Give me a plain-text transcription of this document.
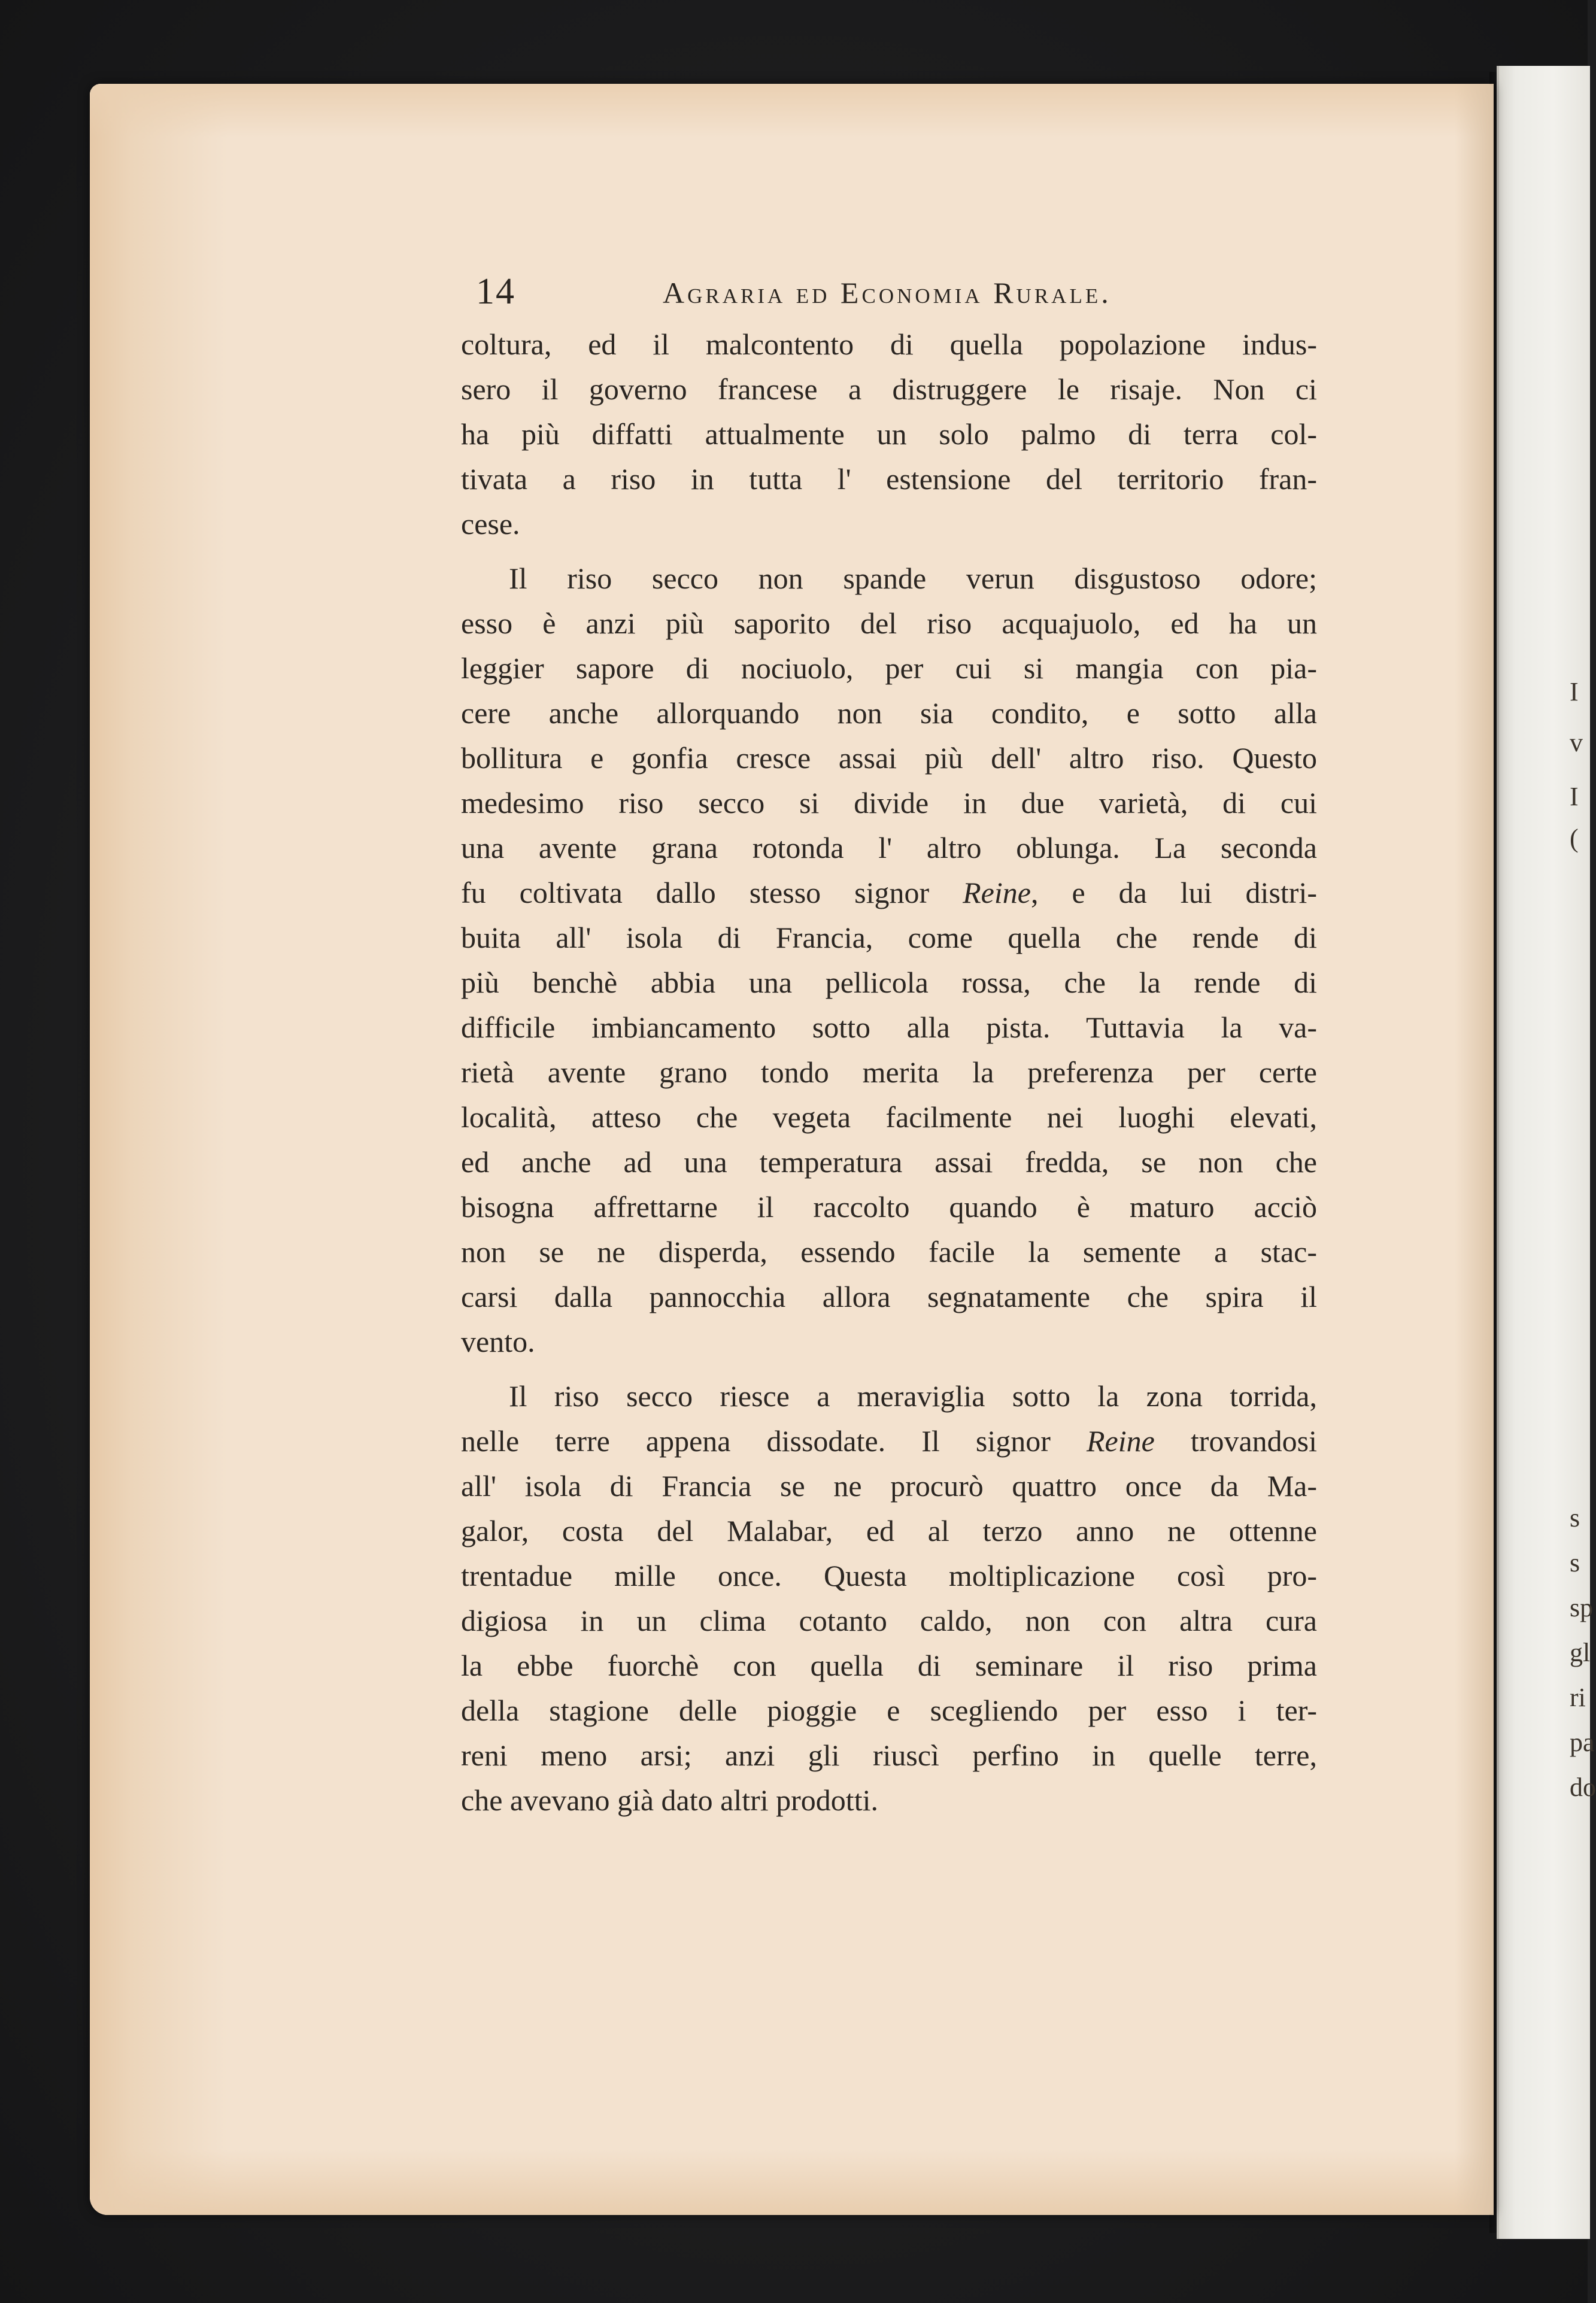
I
v
I
(
s
s
sp
gl
ri
pa
do
14	Agraria ed Economia Rurale.
coltura, ed il malcontento di quella popolazione indus-
sero il governo francese a distruggere le risaje. Non ci
ha più diffatti attualmente un solo palmo di terra col-
tivata a riso in tutta l' estensione del territorio fran-
cese.
Il riso secco non spande verun disgustoso odore;
esso è anzi più saporito del riso acquajuolo, ed ha un
leggier sapore di nociuolo, per cui si mangia con pia-
cere anche allorquando non sia condito, e sotto alla
bollitura e gonfia cresce assai più dell' altro riso. Questo
medesimo riso secco si divide in due varietà, di cui
una avente grana rotonda l' altro oblunga. La seconda
fu coltivata dallo stesso signor Reine, e da lui distri-
buita all' isola di Francia, come quella che rende di
più benchè abbia una pellicola rossa, che la rende di
difficile imbiancamento sotto alla pista. Tuttavia la va-
rietà avente grano tondo merita la preferenza per certe
località, atteso che vegeta facilmente nei luoghi elevati,
ed anche ad una temperatura assai fredda, se non che
bisogna affrettarne il raccolto quando è maturo acciò
non se ne disperda, essendo facile la semente a stac-
carsi dalla pannocchia allora segnatamente che spira il
vento.
Il riso secco riesce a meraviglia sotto la zona torrida,
nelle terre appena dissodate. Il signor Reine trovandosi
all' isola di Francia se ne procurò quattro once da Ma-
galor, costa del Malabar, ed al terzo anno ne ottenne
trentadue mille once. Questa moltiplicazione così pro-
digiosa in un clima cotanto caldo, non con altra cura
la ebbe fuorchè con quella di seminare il riso prima
della stagione delle pioggie e scegliendo per esso i ter-
reni meno arsi; anzi gli riuscì perfino in quelle terre,
che avevano già dato altri prodotti.
